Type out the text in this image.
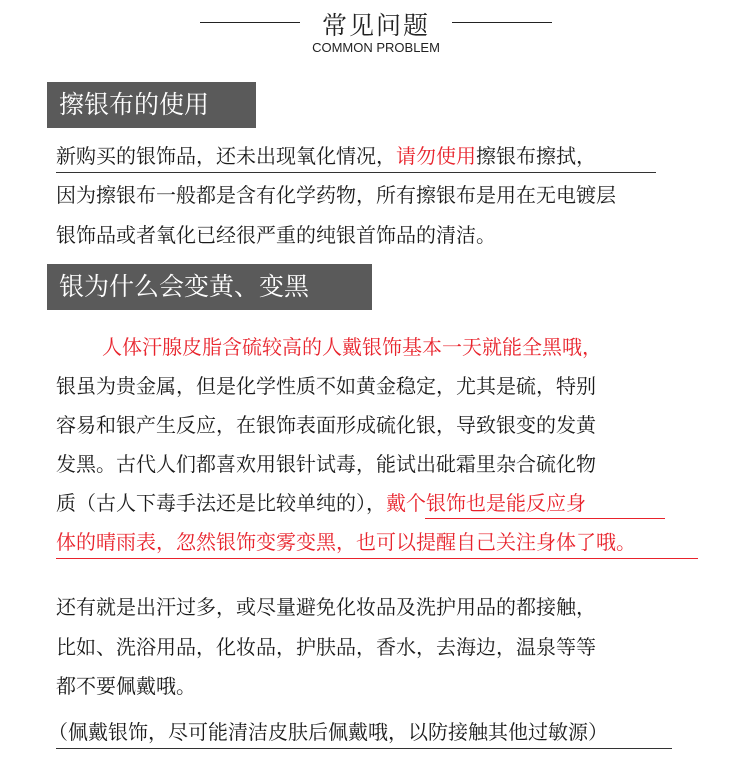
常见问题
COMMON PROBLEM
擦银布的使用
新购买的银饰品，还未出现氧化情况，请勿使用擦银布擦拭，
因为擦银布一般都是含有化学药物，所有擦银布是用在无电镀层
银饰品或者氧化已经很严重的纯银首饰品的清洁。
银为什么会变黄、变黑
人体汗腺皮脂含硫较高的人戴银饰基本一天就能全黑哦，
银虽为贵金属，但是化学性质不如黄金稳定，尤其是硫，特别
容易和银产生反应，在银饰表面形成硫化银，导致银变的发黄
发黑。古代人们都喜欢用银针试毒，能试出砒霜里杂合硫化物
质（古人下毒手法还是比较单纯的），戴个银饰也是能反应身
体的晴雨表，忽然银饰变雾变黑，也可以提醒自己关注身体了哦。
还有就是出汗过多，或尽量避免化妆品及洗护用品的都接触，
比如、洗浴用品，化妆品，护肤品，香水，去海边，温泉等等
都不要佩戴哦。
（佩戴银饰，尽可能清洁皮肤后佩戴哦，以防接触其他过敏源）
